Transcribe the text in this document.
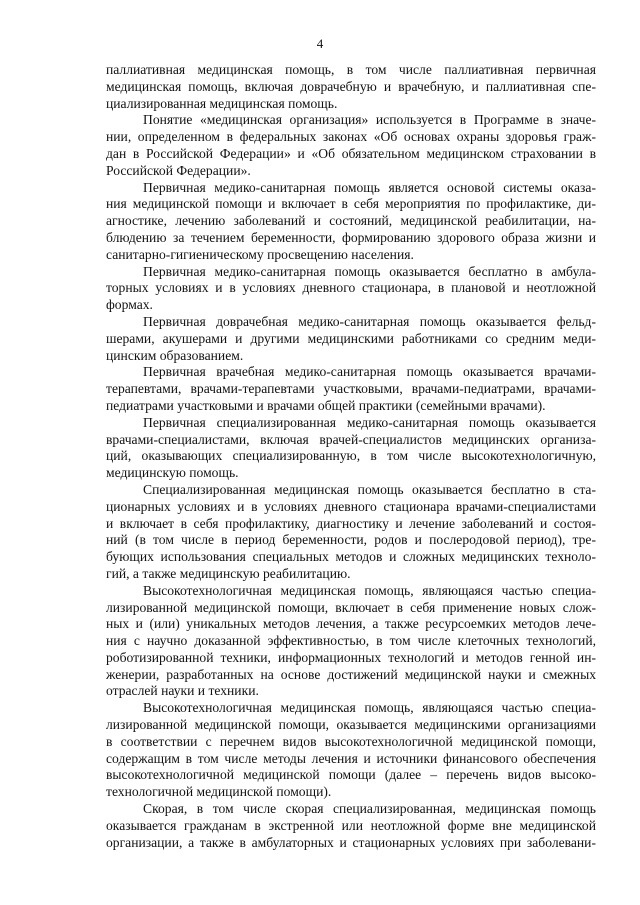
4
паллиативная медицинская помощь, в том числе паллиативная первичная
медицинская помощь, включая доврачебную и врачебную, и паллиативная спе-
циализированная медицинская помощь.
Понятие «медицинская организация» используется в Программе в значе-
нии, определенном в федеральных законах «Об основах охраны здоровья граж-
дан в Российской Федерации» и «Об обязательном медицинском страховании в
Российской Федерации».
Первичная медико-санитарная помощь является основой системы оказа-
ния медицинской помощи и включает в себя мероприятия по профилактике, ди-
агностике, лечению заболеваний и состояний, медицинской реабилитации, на-
блюдению за течением беременности, формированию здорового образа жизни и
санитарно-гигиеническому просвещению населения.
Первичная медико-санитарная помощь оказывается бесплатно в амбула-
торных условиях и в условиях дневного стационара, в плановой и неотложной
формах.
Первичная доврачебная медико-санитарная помощь оказывается фельд-
шерами, акушерами и другими медицинскими работниками со средним меди-
цинским образованием.
Первичная врачебная медико-санитарная помощь оказывается врачами-
терапевтами, врачами-терапевтами участковыми, врачами-педиатрами, врачами-
педиатрами участковыми и врачами общей практики (семейными врачами).
Первичная специализированная медико-санитарная помощь оказывается
врачами-специалистами, включая врачей-специалистов медицинских организа-
ций, оказывающих специализированную, в том числе высокотехнологичную,
медицинскую помощь.
Специализированная медицинская помощь оказывается бесплатно в ста-
ционарных условиях и в условиях дневного стационара врачами-специалистами
и включает в себя профилактику, диагностику и лечение заболеваний и состоя-
ний (в том числе в период беременности, родов и послеродовой период), тре-
бующих использования специальных методов и сложных медицинских техноло-
гий, а также медицинскую реабилитацию.
Высокотехнологичная медицинская помощь, являющаяся частью специа-
лизированной медицинской помощи, включает в себя применение новых слож-
ных и (или) уникальных методов лечения, а также ресурсоемких методов лече-
ния с научно доказанной эффективностью, в том числе клеточных технологий,
роботизированной техники, информационных технологий и методов генной ин-
женерии, разработанных на основе достижений медицинской науки и смежных
отраслей науки и техники.
Высокотехнологичная медицинская помощь, являющаяся частью специа-
лизированной медицинской помощи, оказывается медицинскими организациями
в соответствии с перечнем видов высокотехнологичной медицинской помощи,
содержащим в том числе методы лечения и источники финансового обеспечения
высокотехнологичной медицинской помощи (далее – перечень видов высоко-
технологичной медицинской помощи).
Скорая, в том числе скорая специализированная, медицинская помощь
оказывается гражданам в экстренной или неотложной форме вне медицинской
организации, а также в амбулаторных и стационарных условиях при заболевани-
